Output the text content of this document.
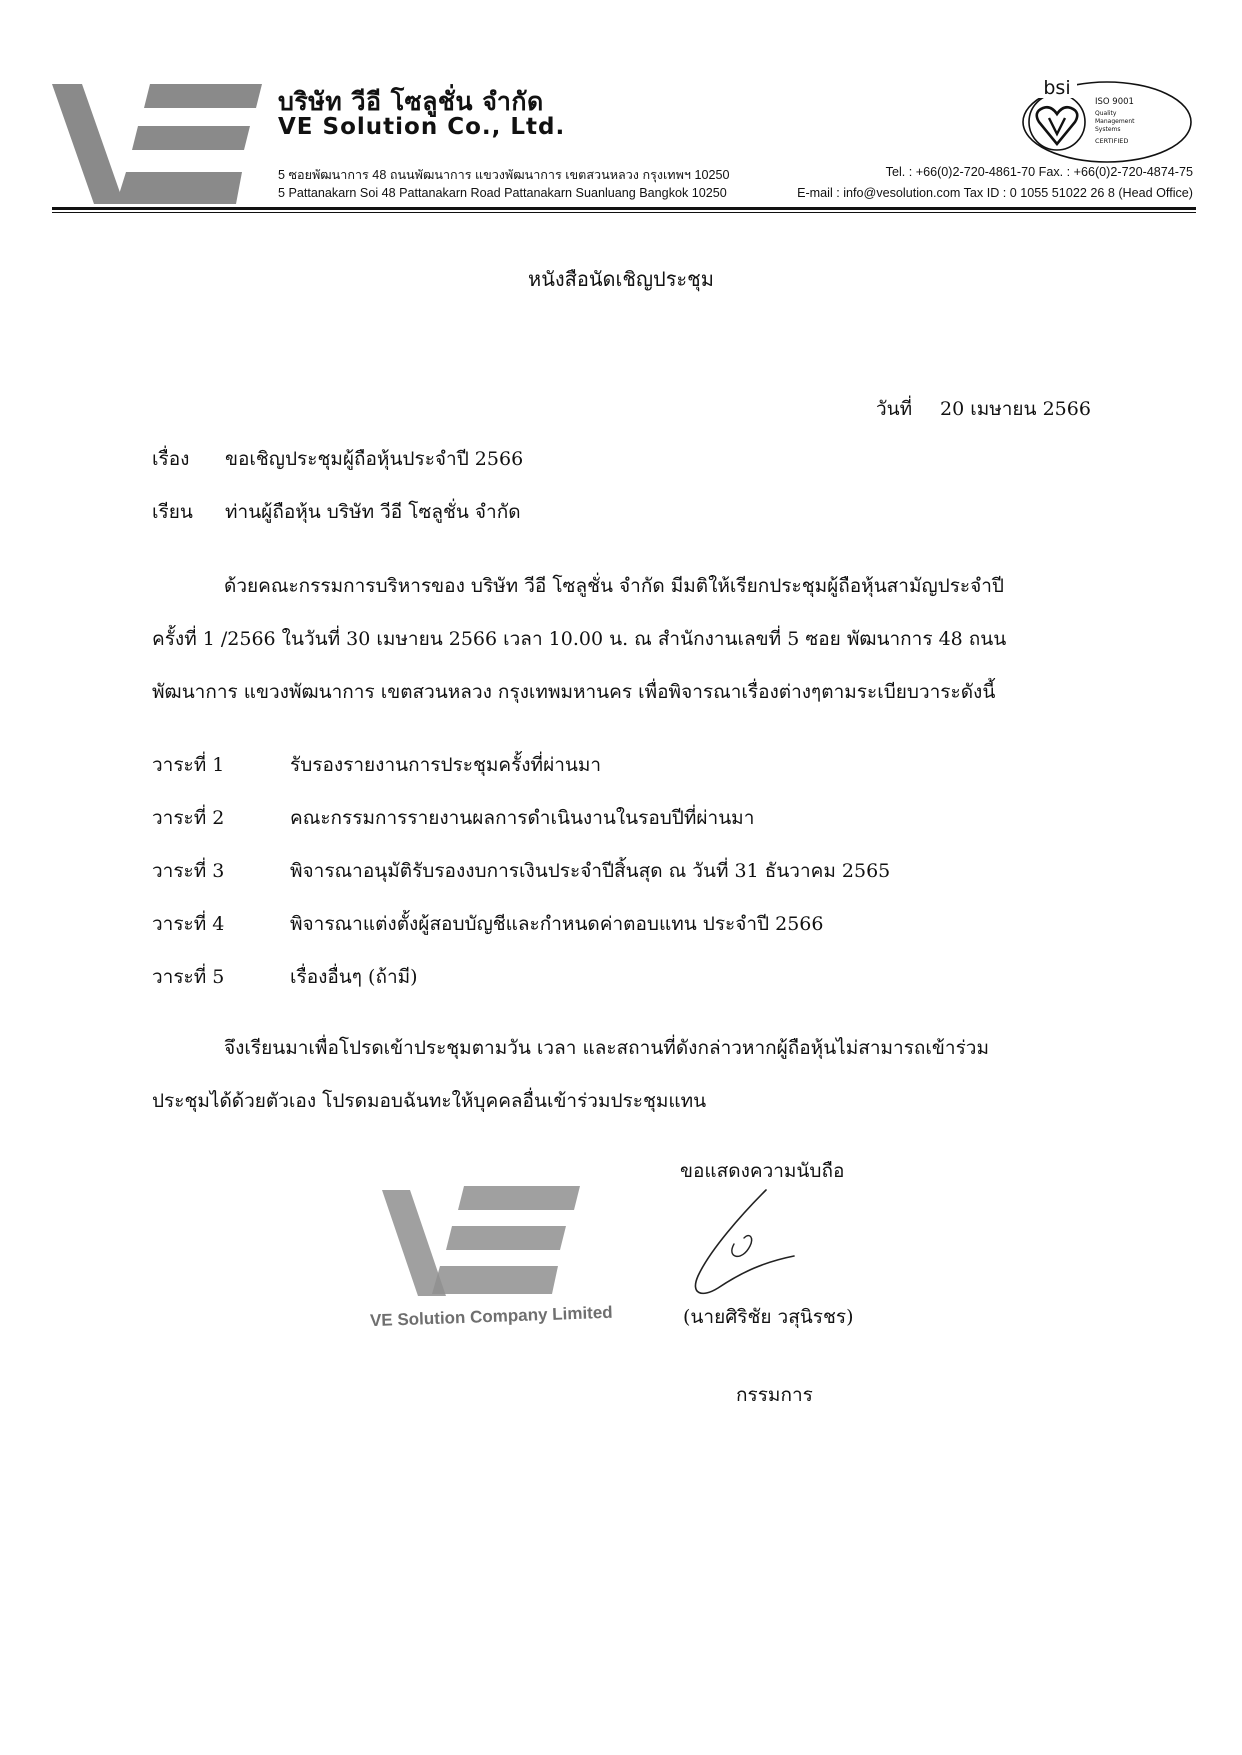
บริษัท วีอี โซลูชั่น จำกัด
VE Solution Co., Ltd.
5 ซอยพัฒนาการ 48 ถนนพัฒนาการ แขวงพัฒนาการ เขตสวนหลวง กรุงเทพฯ 10250
5 Pattanakarn Soi 48 Pattanakarn Road Pattanakarn Suanluang Bangkok 10250
Tel. : +66(0)2-720-4861-70 Fax. : +66(0)2-720-4874-75
E-mail : info@vesolution.com Tax ID : 0 1055 51022 26 8 (Head Office)
bsi
ISO 9001
Quality
Management
Systems
CERTIFIED
หนังสือนัดเชิญประชุม
วันที่ 20 เมษายน 2566
เรื่อง ขอเชิญประชุมผู้ถือหุ้นประจำปี 2566
เรียน ท่านผู้ถือหุ้น บริษัท วีอี โซลูชั่น จำกัด
ด้วยคณะกรรมการบริหารของ บริษัท วีอี โซลูชั่น จำกัด มีมติให้เรียกประชุมผู้ถือหุ้นสามัญประจำปี
ครั้งที่ 1 /2566 ในวันที่ 30 เมษายน 2566 เวลา 10.00 น. ณ สำนักงานเลขที่ 5 ซอย พัฒนาการ 48 ถนน
พัฒนาการ แขวงพัฒนาการ เขตสวนหลวง กรุงเทพมหานคร เพื่อพิจารณาเรื่องต่างๆตามระเบียบวาระดังนี้
วาระที่ 1	รับรองรายงานการประชุมครั้งที่ผ่านมา
วาระที่ 2	คณะกรรมการรายงานผลการดำเนินงานในรอบปีที่ผ่านมา
วาระที่ 3	พิจารณาอนุมัติรับรองงบการเงินประจำปีสิ้นสุด ณ วันที่ 31 ธันวาคม 2565
วาระที่ 4	พิจารณาแต่งตั้งผู้สอบบัญชีและกำหนดค่าตอบแทน ประจำปี 2566
วาระที่ 5	เรื่องอื่นๆ (ถ้ามี)
จึงเรียนมาเพื่อโปรดเข้าประชุมตามวัน เวลา และสถานที่ดังกล่าวหากผู้ถือหุ้นไม่สามารถเข้าร่วม
ประชุมได้ด้วยตัวเอง โปรดมอบฉันทะให้บุคคลอื่นเข้าร่วมประชุมแทน
ขอแสดงความนับถือ
VE Solution Company Limited	(นายศิริชัย วสุนิรชร)
กรรมการ
